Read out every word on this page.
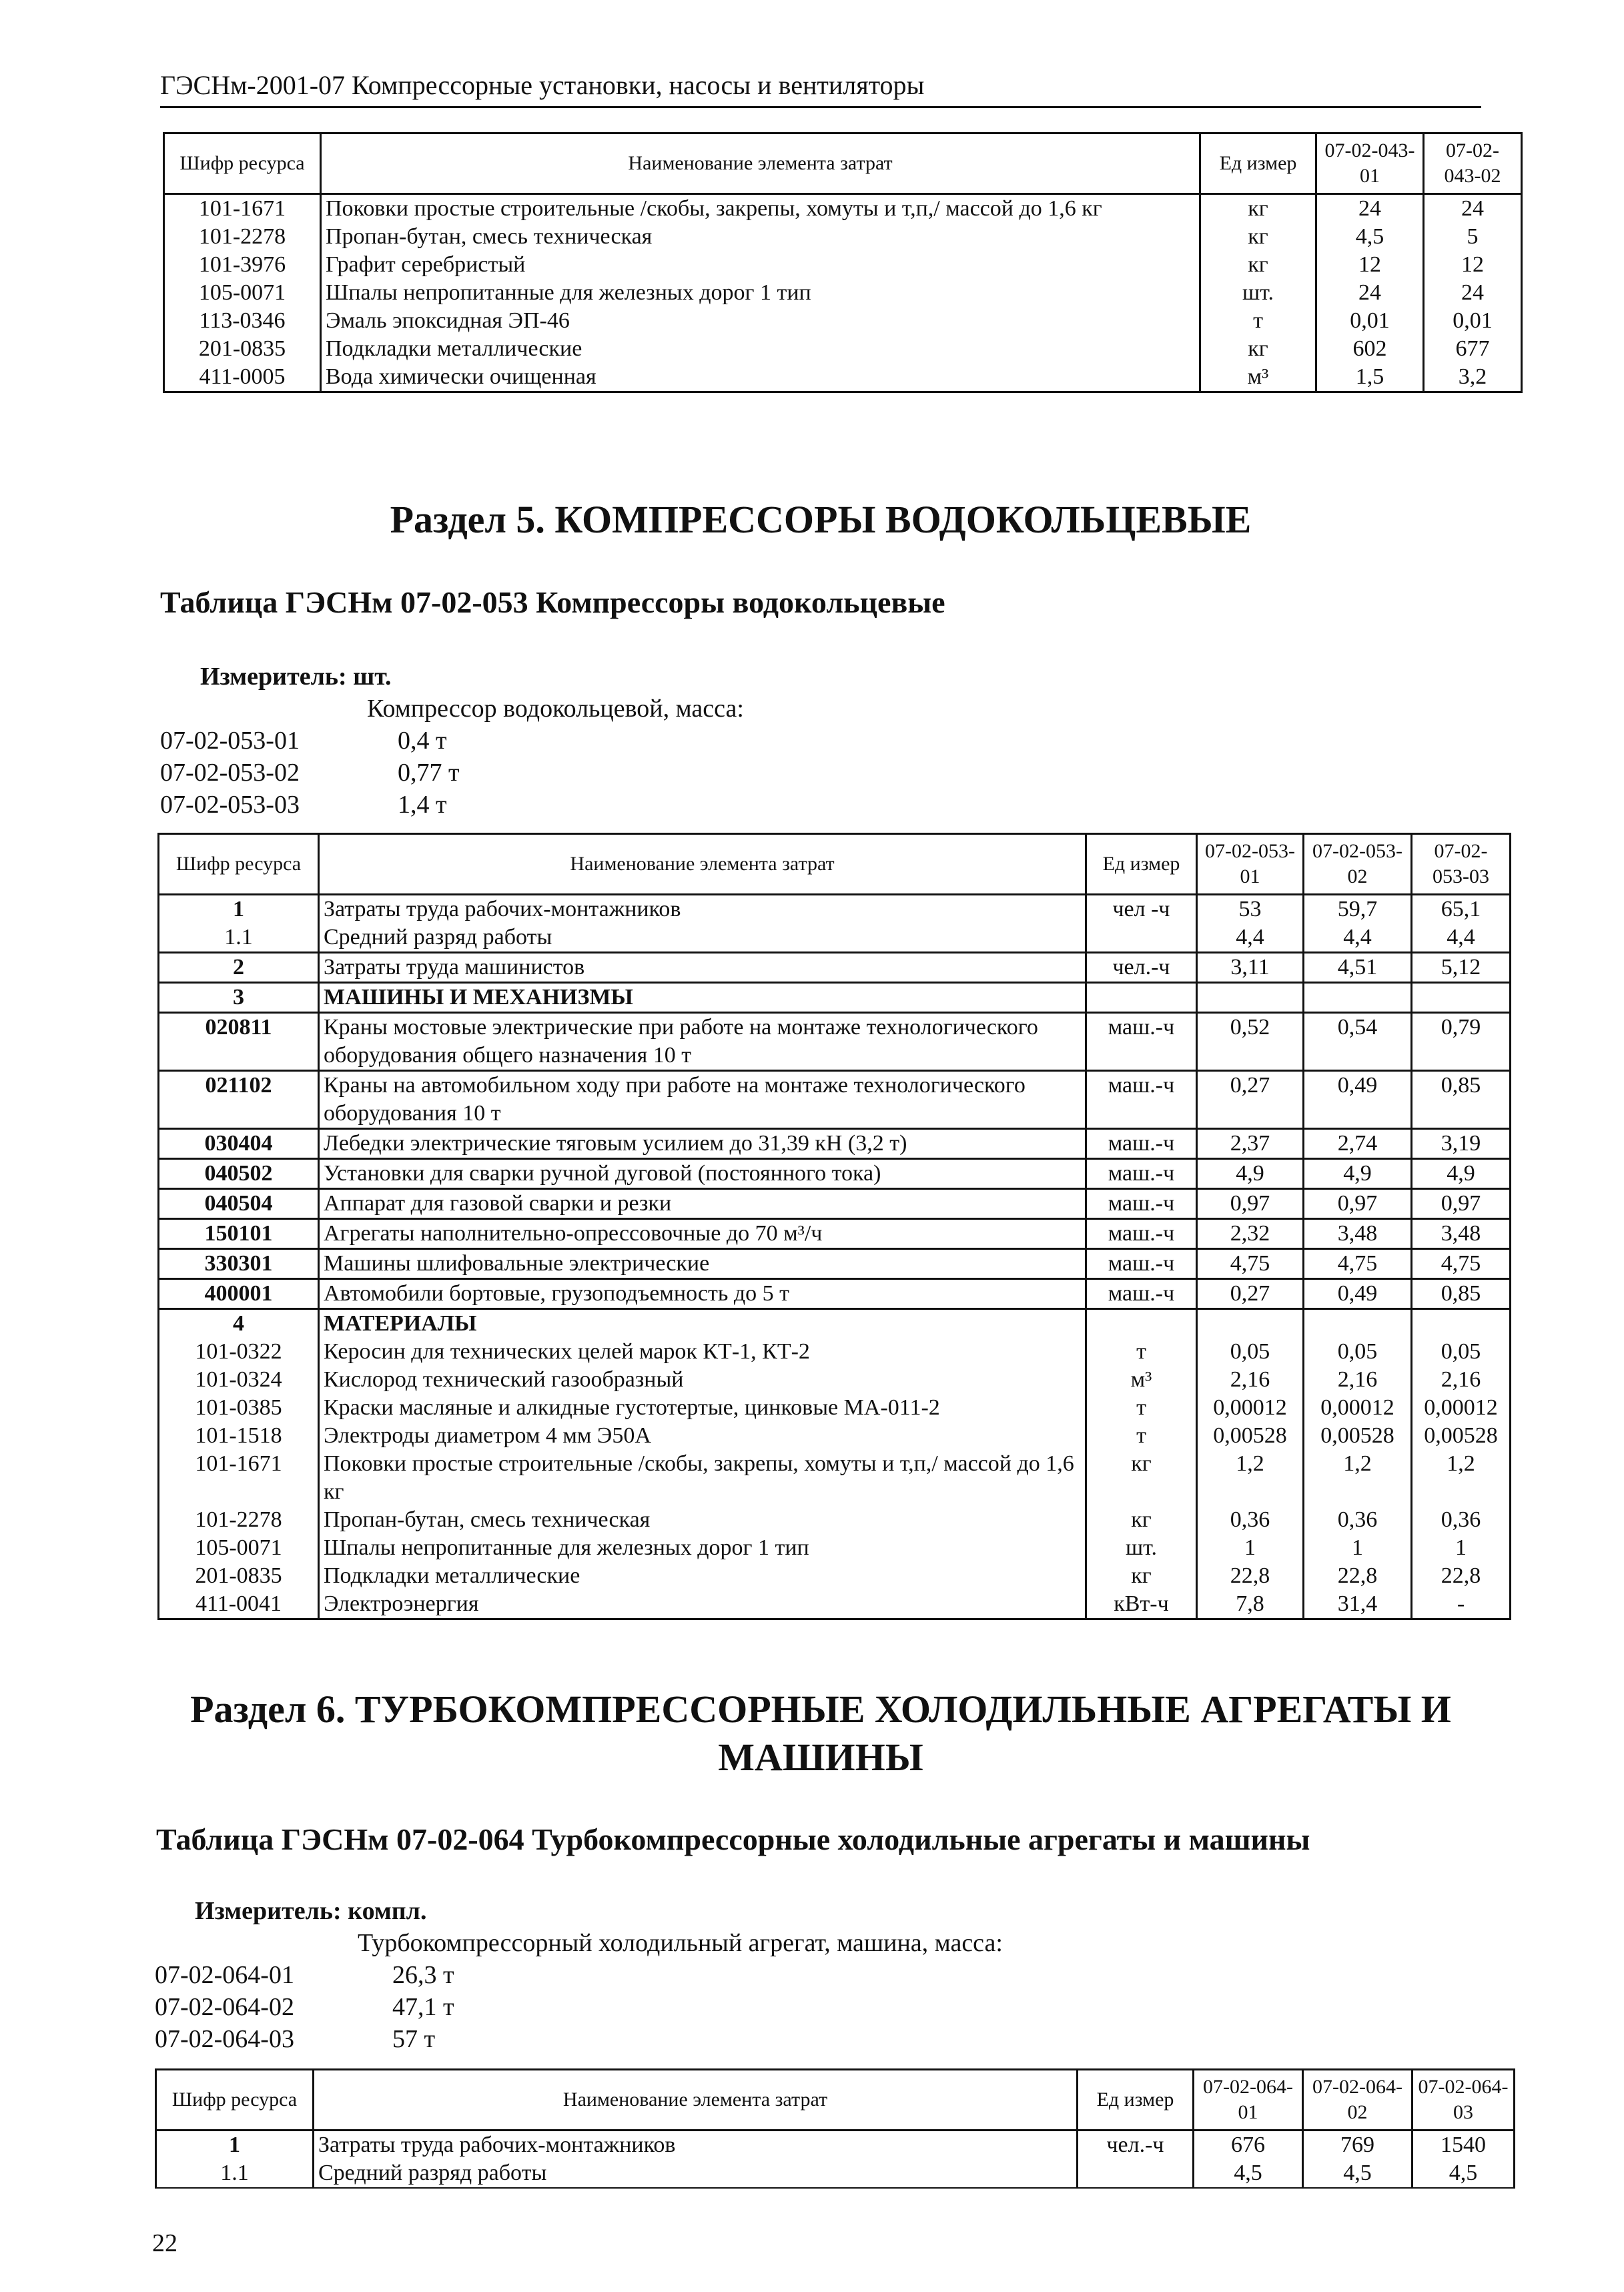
ГЭСНм-2001-07 Компрессорные установки, насосы и вентиляторы
Шифр ресурса	Наименование элемента затрат	Ед измер	07-02-043-01	07-02-043-02
101-1671	Поковки простые строительные /скобы, закрепы, хомуты и т,п,/ массой до 1,6 кг	кг	24	24
101-2278	Пропан-бутан, смесь техническая	кг	4,5	5
101-3976	Графит серебристый	кг	12	12
105-0071	Шпалы непропитанные для железных дорог 1 тип	шт.	24	24
113-0346	Эмаль эпоксидная ЭП-46	т	0,01	0,01
201-0835	Подкладки металлические	кг	602	677
411-0005	Вода химически очищенная	м³	1,5	3,2
Раздел 5. КОМПРЕССОРЫ ВОДОКОЛЬЦЕВЫЕ
Таблица ГЭСНм 07-02-053 Компрессоры водокольцевые
Измеритель: шт.
Компрессор водокольцевой, масса:
07-02-053-01	0,4 т
07-02-053-02	0,77 т
07-02-053-03	1,4 т
Шифр ресурса	Наименование элемента затрат	Ед измер	07-02-053-01	07-02-053-02	07-02-053-03
1	Затраты труда рабочих-монтажников	чел -ч	53	59,7	65,1
1.1	Средний разряд работы		4,4	4,4	4,4
2	Затраты труда машинистов	чел.-ч	3,11	4,51	5,12
3	МАШИНЫ И МЕХАНИЗМЫ				
020811	Краны мостовые электрические при работе на монтаже технологического оборудования общего назначения 10 т	маш.-ч	0,52	0,54	0,79
021102	Краны на автомобильном ходу при работе на монтаже технологического оборудования 10 т	маш.-ч	0,27	0,49	0,85
030404	Лебедки электрические тяговым усилием до 31,39 кН (3,2 т)	маш.-ч	2,37	2,74	3,19
040502	Установки для сварки ручной дуговой (постоянного тока)	маш.-ч	4,9	4,9	4,9
040504	Аппарат для газовой сварки и резки	маш.-ч	0,97	0,97	0,97
150101	Агрегаты наполнительно-опрессовочные до 70 м³/ч	маш.-ч	2,32	3,48	3,48
330301	Машины шлифовальные электрические	маш.-ч	4,75	4,75	4,75
400001	Автомобили бортовые, грузоподъемность до 5 т	маш.-ч	0,27	0,49	0,85
4	МАТЕРИАЛЫ				
101-0322	Керосин для технических целей марок КТ-1, КТ-2	т	0,05	0,05	0,05
101-0324	Кислород технический газообразный	м³	2,16	2,16	2,16
101-0385	Краски масляные и алкидные густотертые, цинковые МА-011-2	т	0,00012	0,00012	0,00012
101-1518	Электроды диаметром 4 мм Э50А	т	0,00528	0,00528	0,00528
101-1671	Поковки простые строительные /скобы, закрепы, хомуты и т,п,/ массой до 1,6 кг	кг	1,2	1,2	1,2
101-2278	Пропан-бутан, смесь техническая	кг	0,36	0,36	0,36
105-0071	Шпалы непропитанные для железных дорог 1 тип	шт.	1	1	1
201-0835	Подкладки металлические	кг	22,8	22,8	22,8
411-0041	Электроэнергия	кВт-ч	7,8	31,4	-
Раздел 6. ТУРБОКОМПРЕССОРНЫЕ ХОЛОДИЛЬНЫЕ АГРЕГАТЫ И
МАШИНЫ
Таблица ГЭСНм 07-02-064 Турбокомпрессорные холодильные агрегаты и машины
Измеритель: компл.
Турбокомпрессорный холодильный агрегат, машина, масса:
07-02-064-01	26,3 т
07-02-064-02	47,1 т
07-02-064-03	57 т
Шифр ресурса	Наименование элемента затрат	Ед измер	07-02-064-01	07-02-064-02	07-02-064-03
1	Затраты труда рабочих-монтажников	чел.-ч	676	769	1540
1.1	Средний разряд работы		4,5	4,5	4,5
22
